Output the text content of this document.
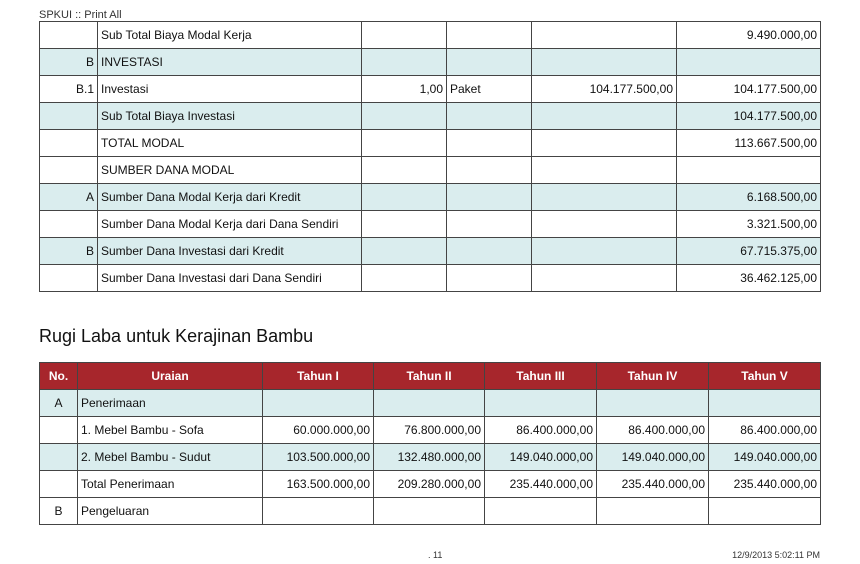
SPKUI :: Print All
	Sub Total Biaya Modal Kerja				9.490.000,00
B	INVESTASI				
B.1	Investasi	1,00	Paket	104.177.500,00	104.177.500,00
	Sub Total Biaya Investasi				104.177.500,00
	TOTAL MODAL				113.667.500,00
	SUMBER DANA MODAL				
A	Sumber Dana Modal Kerja dari Kredit				6.168.500,00
	Sumber Dana Modal Kerja dari Dana Sendiri				3.321.500,00
B	Sumber Dana Investasi dari Kredit				67.715.375,00
	Sumber Dana Investasi dari Dana Sendiri				36.462.125,00
Rugi Laba untuk Kerajinan Bambu
No.	Uraian	Tahun I	Tahun II	Tahun III	Tahun IV	Tahun V
A	Penerimaan					
	1. Mebel Bambu - Sofa	60.000.000,00	76.800.000,00	86.400.000,00	86.400.000,00	86.400.000,00
	2. Mebel Bambu - Sudut	103.500.000,00	132.480.000,00	149.040.000,00	149.040.000,00	149.040.000,00
	Total Penerimaan	163.500.000,00	209.280.000,00	235.440.000,00	235.440.000,00	235.440.000,00
B	Pengeluaran					
. 11	12/9/2013 5:02:11 PM
